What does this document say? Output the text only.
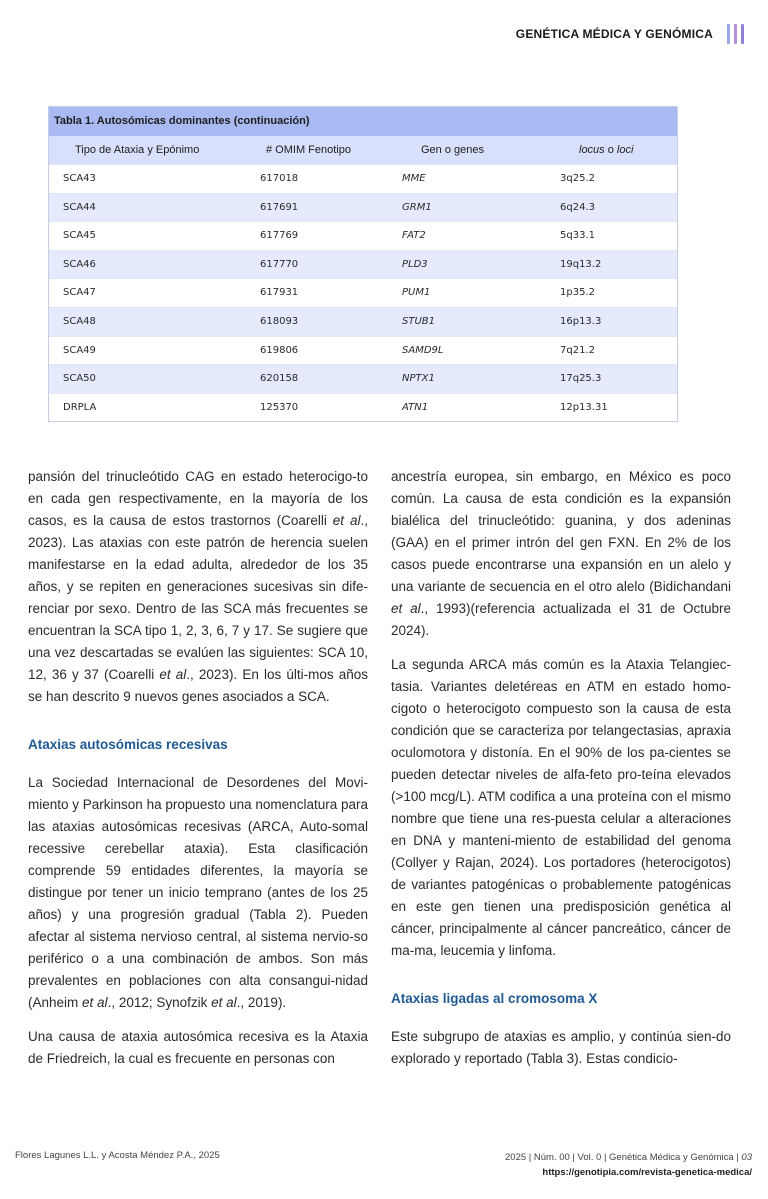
GENÉTICA MÉDICA Y GENÓMICA
Tabla 1. Autosómicas dominantes (continuación)
Tipo de Ataxia y Epónimo	# OMIM Fenotipo	Gen o genes	locus o loci
SCA43	617018	MME	3q25.2
SCA44	617691	GRM1	6q24.3
SCA45	617769	FAT2	5q33.1
SCA46	617770	PLD3	19q13.2
SCA47	617931	PUM1	1p35.2
SCA48	618093	STUB1	16p13.3
SCA49	619806	SAMD9L	7q21.2
SCA50	620158	NPTX1	17q25.3
DRPLA	125370	ATN1	12p13.31

pansión del trinucleótido CAG en estado heterocigo-to en cada gen respectivamente, en la mayoría de los casos, es la causa de estos trastornos (Coarelli et al., 2023). Las ataxias con este patrón de herencia suelen manifestarse en la edad adulta, alrededor de los 35 años, y se repiten en generaciones sucesivas sin dife-renciar por sexo. Dentro de las SCA más frecuentes se encuentran la SCA tipo 1, 2, 3, 6, 7 y 17. Se sugiere que una vez descartadas se evalúen las siguientes: SCA 10, 12, 36 y 37 (Coarelli et al., 2023). En los últi-mos años se han descrito 9 nuevos genes asociados a SCA.

Ataxias autosómicas recesivas

La Sociedad Internacional de Desordenes del Movi-miento y Parkinson ha propuesto una nomenclatura para las ataxias autosómicas recesivas (ARCA, Auto-somal recessive cerebellar ataxia). Esta clasificación comprende 59 entidades diferentes, la mayoría se distingue por tener un inicio temprano (antes de los 25 años) y una progresión gradual (Tabla 2). Pueden afectar al sistema nervioso central, al sistema nervio-so periférico o a una combinación de ambos. Son más prevalentes en poblaciones con alta consangui-nidad (Anheim et al., 2012; Synofzik et al., 2019).

Una causa de ataxia autosómica recesiva es la Ataxia de Friedreich, la cual es frecuente en personas con

ancestría europea, sin embargo, en México es poco común. La causa de esta condición es la expansión bialélica del trinucleótido: guanina, y dos adeninas (GAA) en el primer intrón del gen FXN. En 2% de los casos puede encontrarse una expansión en un alelo y una variante de secuencia en el otro alelo (Bidichandani et al., 1993)(referencia actualizada el 31 de Octubre 2024).

La segunda ARCA más común es la Ataxia Telangiec-tasia. Variantes deletéreas en ATM en estado homo-cigoto o heterocigoto compuesto son la causa de esta condición que se caracteriza por telangectasias, apraxia oculomotora y distonía. En el 90% de los pa-cientes se pueden detectar niveles de alfa-feto pro-teína elevados (>100 mcg/L). ATM codifica a una proteína con el mismo nombre que tiene una res-puesta celular a alteraciones en DNA y manteni-miento de estabilidad del genoma (Collyer y Rajan, 2024). Los portadores (heterocigotos) de variantes patogénicas o probablemente patogénicas en este gen tienen una predisposición genética al cáncer, principalmente al cáncer pancreático, cáncer de ma-ma, leucemia y linfoma.

Ataxias ligadas al cromosoma X

Este subgrupo de ataxias es amplio, y continúa sien-do explorado y reportado (Tabla 3). Estas condicio-

Flores Lagunes L.L. y Acosta Méndez P.A., 2025	2025 | Núm. 00 | Vol. 0 | Genética Médica y Genómica | 03
https://genotipia.com/revista-genetica-medica/
